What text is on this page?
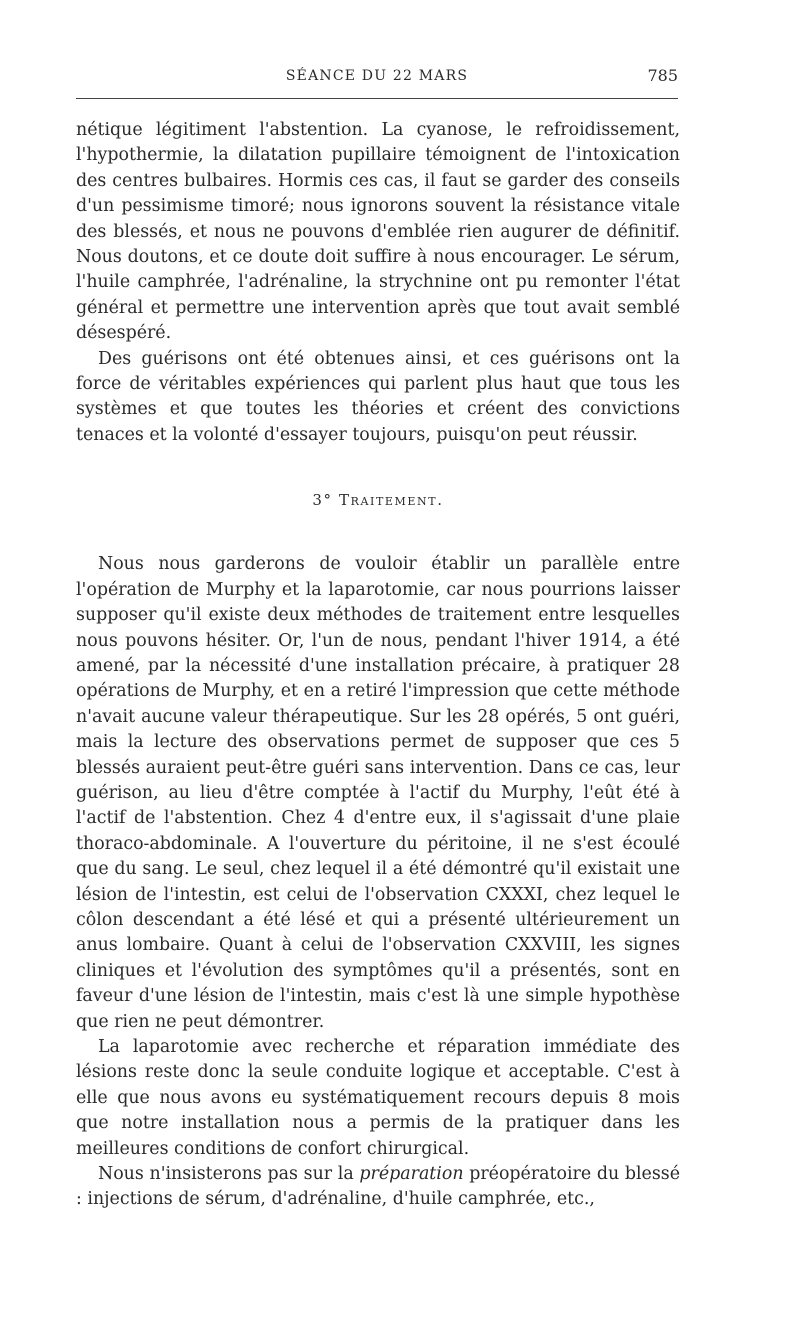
SÉANCE DU 22 MARS	785

nétique légitiment l'abstention. La cyanose, le refroidissement, l'hypothermie, la dilatation pupillaire témoignent de l'intoxication des centres bulbaires. Hormis ces cas, il faut se garder des conseils d'un pessimisme timoré; nous ignorons souvent la résistance vitale des blessés, et nous ne pouvons d'emblée rien augurer de définitif. Nous doutons, et ce doute doit suffire à nous encourager. Le sérum, l'huile camphrée, l'adrénaline, la strychnine ont pu remonter l'état général et permettre une intervention après que tout avait semblé désespéré.

Des guérisons ont été obtenues ainsi, et ces guérisons ont la force de véritables expériences qui parlent plus haut que tous les systèmes et que toutes les théories et créent des convictions tenaces et la volonté d'essayer toujours, puisqu'on peut réussir.

3° Traitement.

Nous nous garderons de vouloir établir un parallèle entre l'opération de Murphy et la laparotomie, car nous pourrions laisser supposer qu'il existe deux méthodes de traitement entre lesquelles nous pouvons hésiter. Or, l'un de nous, pendant l'hiver 1914, a été amené, par la nécessité d'une installation précaire, à pratiquer 28 opérations de Murphy, et en a retiré l'impression que cette méthode n'avait aucune valeur thérapeutique. Sur les 28 opérés, 5 ont guéri, mais la lecture des observations permet de supposer que ces 5 blessés auraient peut-être guéri sans intervention. Dans ce cas, leur guérison, au lieu d'être comptée à l'actif du Murphy, l'eût été à l'actif de l'abstention. Chez 4 d'entre eux, il s'agissait d'une plaie thoraco-abdominale. A l'ouverture du péritoine, il ne s'est écoulé que du sang. Le seul, chez lequel il a été démontré qu'il existait une lésion de l'intestin, est celui de l'observation CXXXI, chez lequel le côlon descendant a été lésé et qui a présenté ultérieurement un anus lombaire. Quant à celui de l'observation CXXVIII, les signes cliniques et l'évolution des symptômes qu'il a présentés, sont en faveur d'une lésion de l'intestin, mais c'est là une simple hypothèse que rien ne peut démontrer.

La laparotomie avec recherche et réparation immédiate des lésions reste donc la seule conduite logique et acceptable. C'est à elle que nous avons eu systématiquement recours depuis 8 mois que notre installation nous a permis de la pratiquer dans les meilleures conditions de confort chirurgical.

Nous n'insisterons pas sur la préparation préopératoire du blessé : injections de sérum, d'adrénaline, d'huile camphrée, etc.,
